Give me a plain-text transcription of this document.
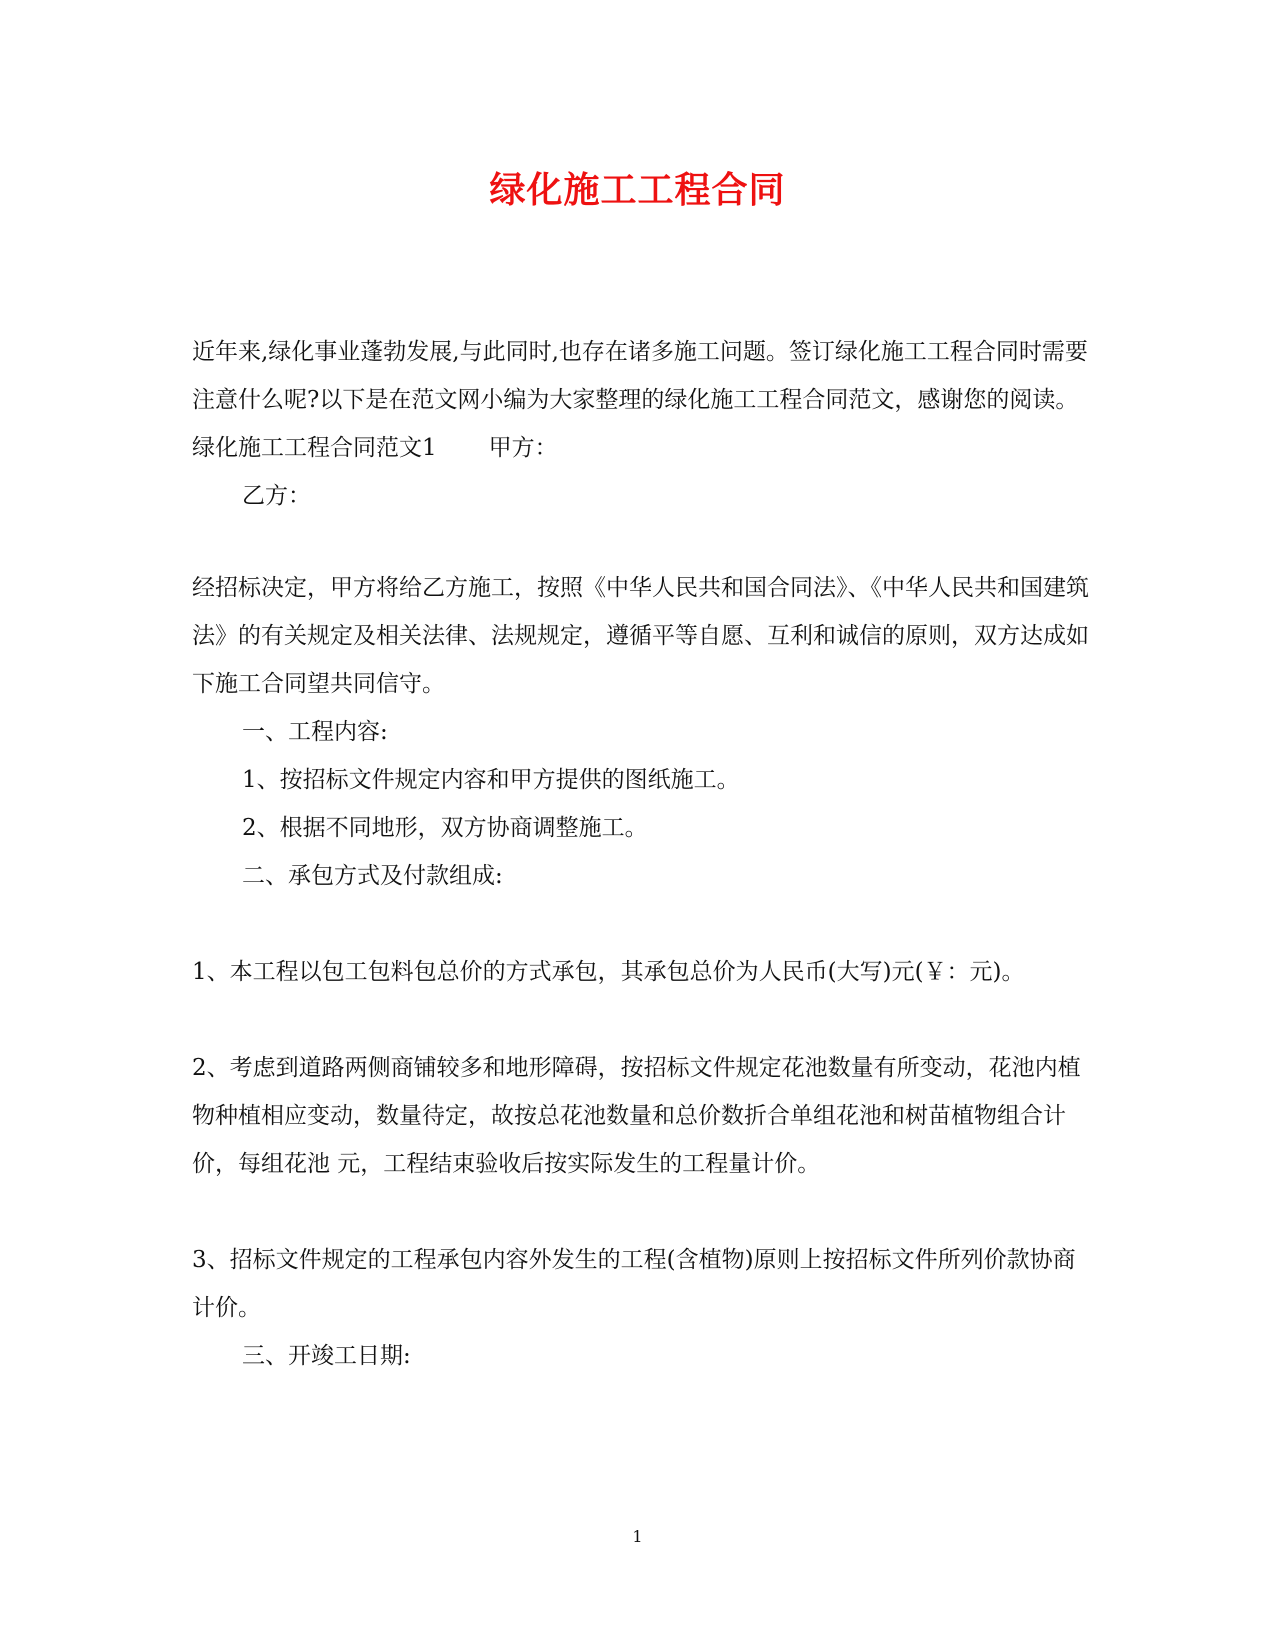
绿化施工工程合同

近年来,绿化事业蓬勃发展,与此同时,也存在诸多施工问题。签订绿化施工工程合同时需要注意什么呢?以下是在范文网小编为大家整理的绿化施工工程合同范文，感谢您的阅读。

绿化施工工程合同范文1 甲方：

乙方：

经招标决定，甲方将给乙方施工，按照《中华人民共和国合同法》、《中华人民共和国建筑法》的有关规定及相关法律、法规规定，遵循平等自愿、互利和诚信的原则，双方达成如下施工合同望共同信守。

一、工程内容:

1、按招标文件规定内容和甲方提供的图纸施工。

2、根据不同地形，双方协商调整施工。

二、承包方式及付款组成:

1、本工程以包工包料包总价的方式承包，其承包总价为人民币(大写)元(￥：元)。

2、考虑到道路两侧商铺较多和地形障碍，按招标文件规定花池数量有所变动，花池内植物种植相应变动，数量待定，故按总花池数量和总价数折合单组花池和树苗植物组合计价，每组花池 元，工程结束验收后按实际发生的工程量计价。

3、招标文件规定的工程承包内容外发生的工程(含植物)原则上按招标文件所列价款协商计价。

三、开竣工日期:

1
